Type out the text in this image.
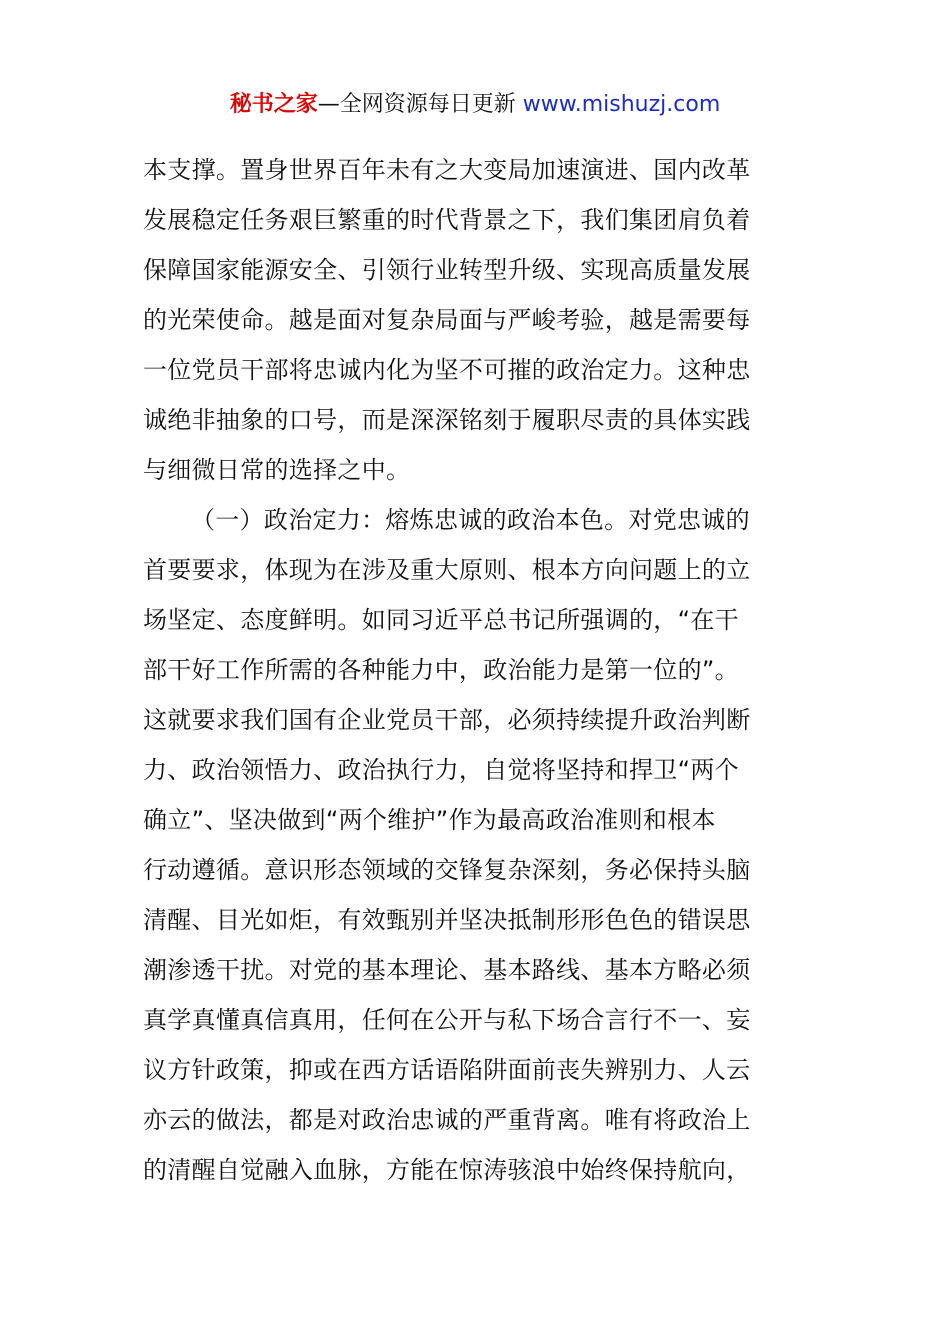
秘书之家—全网资源每日更新 www.mishuzj.com
本支撑。置身世界百年未有之大变局加速演进、国内改革
发展稳定任务艰巨繁重的时代背景之下，我们集团肩负着
保障国家能源安全、引领行业转型升级、实现高质量发展
的光荣使命。越是面对复杂局面与严峻考验，越是需要每
一位党员干部将忠诚内化为坚不可摧的政治定力。这种忠
诚绝非抽象的口号，而是深深铭刻于履职尽责的具体实践
与细微日常的选择之中。
（一）政治定力：熔炼忠诚的政治本色。对党忠诚的
首要要求，体现为在涉及重大原则、根本方向问题上的立
场坚定、态度鲜明。如同习近平总书记所强调的，“在干
部干好工作所需的各种能力中，政治能力是第一位的”。
这就要求我们国有企业党员干部，必须持续提升政治判断
力、政治领悟力、政治执行力，自觉将坚持和捍卫“两个
确立”、坚决做到“两个维护”作为最高政治准则和根本
行动遵循。意识形态领域的交锋复杂深刻，务必保持头脑
清醒、目光如炬，有效甄别并坚决抵制形形色色的错误思
潮渗透干扰。对党的基本理论、基本路线、基本方略必须
真学真懂真信真用，任何在公开与私下场合言行不一、妄
议方针政策，抑或在西方话语陷阱面前丧失辨别力、人云
亦云的做法，都是对政治忠诚的严重背离。唯有将政治上
的清醒自觉融入血脉，方能在惊涛骇浪中始终保持航向，
